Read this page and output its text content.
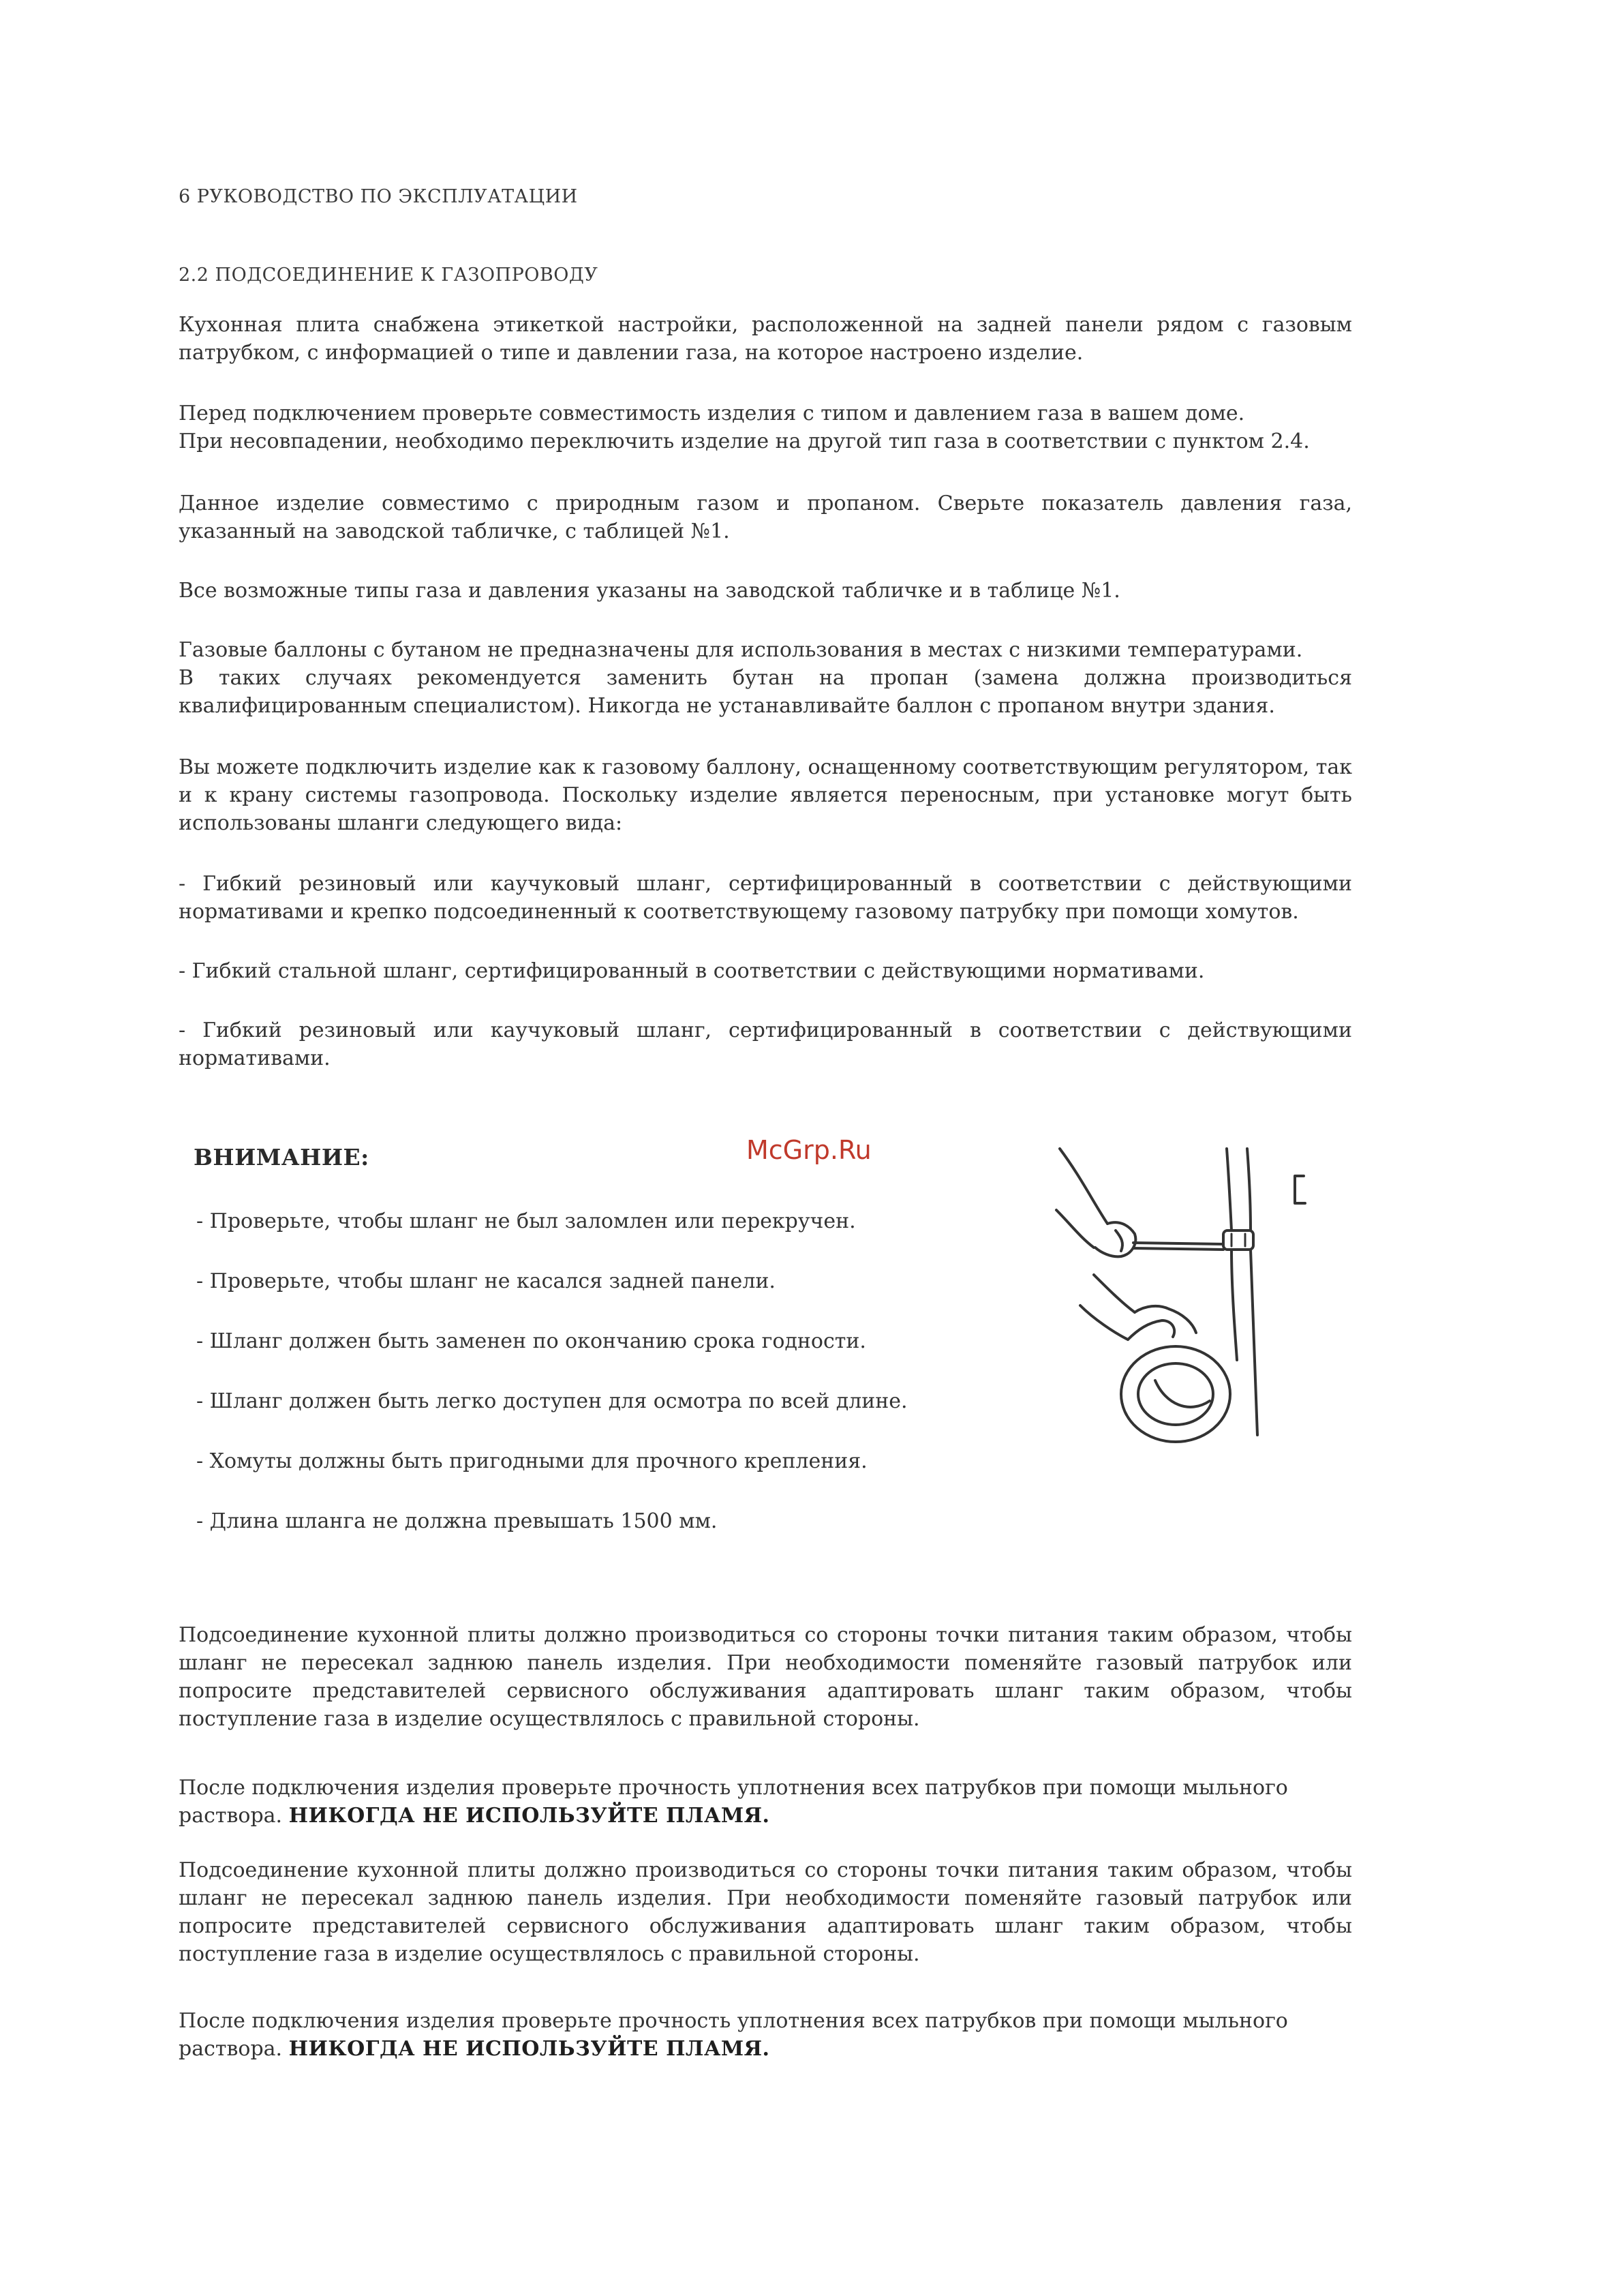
6 РУКОВОДСТВО ПО ЭКСПЛУАТАЦИИ
2.2 ПОДСОЕДИНЕНИЕ К ГАЗОПРОВОДУ
Кухонная плита снабжена этикеткой настройки, расположенной на задней панели рядом с газовым патрубком, с информацией о типе и давлении газа, на которое настроено изделие.
Перед подключением проверьте совместимость изделия с типом и давлением газа в вашем доме.
При несовпадении, необходимо переключить изделие на другой тип газа в соответствии с пунктом 2.4.
Данное изделие совместимо с природным газом и пропаном. Сверьте показатель давления газа, указанный на заводской табличке, с таблицей №1.
Все возможные типы газа и давления указаны на заводской табличке и в таблице №1.
Газовые баллоны с бутаном не предназначены для использования в местах с низкими температурами.
В таких случаях рекомендуется заменить бутан на пропан (замена должна производиться квалифицированным специалистом). Никогда не устанавливайте баллон с пропаном внутри здания.
Вы можете подключить изделие как к газовому баллону, оснащенному соответствующим регулятором, так и к крану системы газопровода. Поскольку изделие является переносным, при установке могут быть использованы шланги следующего вида:
- Гибкий резиновый или каучуковый шланг, сертифицированный в соответствии с действующими нормативами и крепко подсоединенный к соответствующему газовому патрубку при помощи хомутов.
- Гибкий стальной шланг, сертифицированный в соответствии с действующими нормативами.
- Гибкий резиновый или каучуковый шланг, сертифицированный в соответствии с действующими нормативами.
ВНИМАНИЕ:	McGrp.Ru
- Проверьте, чтобы шланг не был заломлен или перекручен.
- Проверьте, чтобы шланг не касался задней панели.
- Шланг должен быть заменен по окончанию срока годности.
- Шланг должен быть легко доступен для осмотра по всей длине.
- Хомуты должны быть пригодными для прочного крепления.
- Длина шланга не должна превышать 1500 мм.
Подсоединение кухонной плиты должно производиться со стороны точки питания таким образом, чтобы шланг не пересекал заднюю панель изделия. При необходимости поменяйте газовый патрубок или попросите представителей сервисного обслуживания адаптировать шланг таким образом, чтобы поступление газа в изделие осуществлялось с правильной стороны.
После подключения изделия проверьте прочность уплотнения всех патрубков при помощи мыльного раствора. НИКОГДА НЕ ИСПОЛЬЗУЙТЕ ПЛАМЯ.
Подсоединение кухонной плиты должно производиться со стороны точки питания таким образом, чтобы шланг не пересекал заднюю панель изделия. При необходимости поменяйте газовый патрубок или попросите представителей сервисного обслуживания адаптировать шланг таким образом, чтобы поступление газа в изделие осуществлялось с правильной стороны.
После подключения изделия проверьте прочность уплотнения всех патрубков при помощи мыльного раствора. НИКОГДА НЕ ИСПОЛЬЗУЙТЕ ПЛАМЯ.
